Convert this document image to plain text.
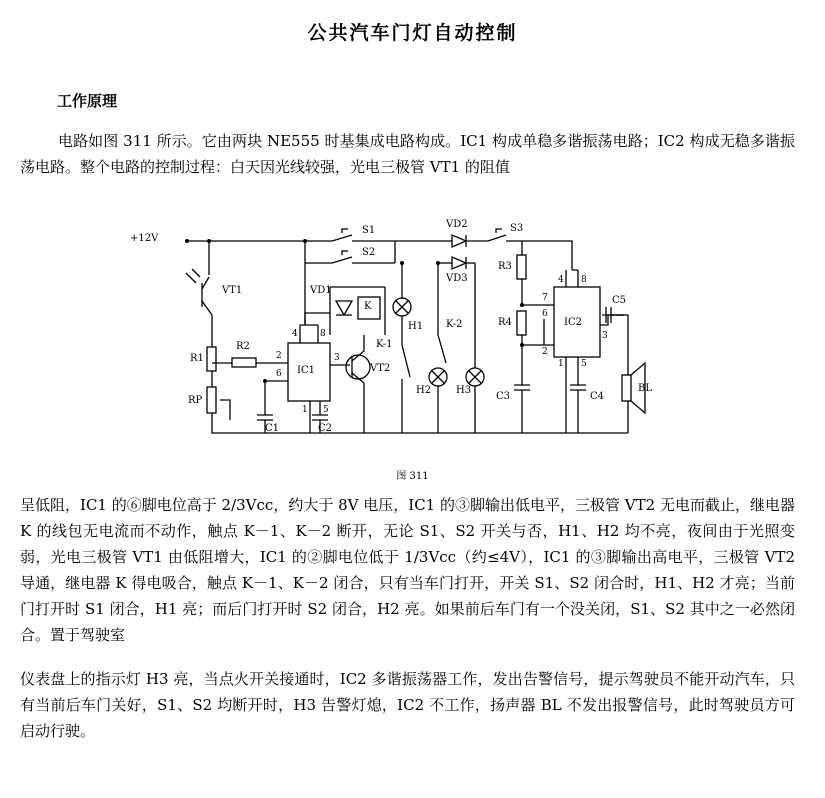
公共汽车门灯自动控制
工作原理

电路如图 311 所示。它由两块 NE555 时基集成电路构成。IC1 构成单稳多谐振荡电路；IC2 构成无稳多谐振荡电路。整个电路的控制过程：白天因光线较强，光电三极管 VT1 的阻值

+12V
VT1
R1
RP
R2
IC1
C1	C2
VD1
K
VT2
S1
S2
VD2
VD3
S3
H1
H2 H3
K-1
K-2
R3
R4
C3
IC2
C4
C5
BL
2
6
4 8
3
1 5
4 8
7
6
2
3
1 5
图 311

呈低阻，IC1 的⑥脚电位高于 2/3Vcc，约大于 8V 电压，IC1 的③脚输出低电平，三极管 VT2 无电而截止，继电器 K 的线包无电流而不动作，触点 K－1、K－2 断开，无论 S1、S2 开关与否，H1、H2 均不亮，夜间由于光照变弱，光电三极管 VT1 由低阻增大，IC1 的②脚电位低于 1/3Vcc（约≤4V），IC1 的③脚输出高电平，三极管 VT2 导通，继电器 K 得电吸合，触点 K－1、K－2 闭合，只有当车门打开，开关 S1、S2 闭合时，H1、H2 才亮；当前门打开时 S1 闭合，H1 亮；而后门打开时 S2 闭合，H2 亮。如果前后车门有一个没关闭，S1、S2 其中之一必然闭合。置于驾驶室

仪表盘上的指示灯 H3 亮，当点火开关接通时，IC2 多谐振荡器工作，发出告警信号，提示驾驶员不能开动汽车，只有当前后车门关好，S1、S2 均断开时，H3 告警灯熄，IC2 不工作，扬声器 BL 不发出报警信号，此时驾驶员方可启动行驶。
